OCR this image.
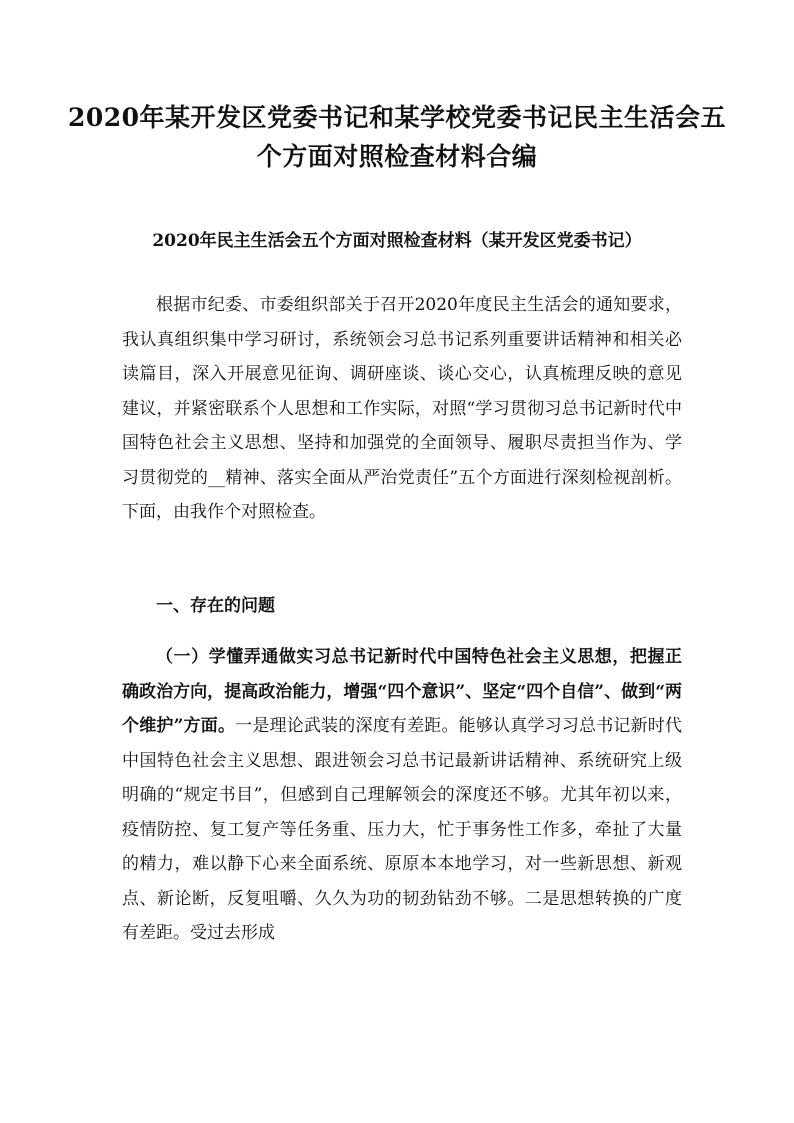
2020年某开发区党委书记和某学校党委书记民主生活会五个方面对照检查材料合编
2020年民主生活会五个方面对照检查材料（某开发区党委书记）
根据市纪委、市委组织部关于召开2020年度民主生活会的通知要求，我认真组织集中学习研讨，系统领会习总书记系列重要讲话精神和相关必读篇目，深入开展意见征询、调研座谈、谈心交心，认真梳理反映的意见建议，并紧密联系个人思想和工作实际，对照“学习贯彻习总书记新时代中国特色社会主义思想、坚持和加强党的全面领导、履职尽责担当作为、学习贯彻党的__精神、落实全面从严治党责任”五个方面进行深刻检视剖析。下面，由我作个对照检查。
一、存在的问题
（一）学懂弄通做实习总书记新时代中国特色社会主义思想，把握正确政治方向，提高政治能力，增强“四个意识”、坚定“四个自信”、做到“两个维护”方面。一是理论武装的深度有差距。能够认真学习习总书记新时代中国特色社会主义思想、跟进领会习总书记最新讲话精神、系统研究上级明确的“规定书目”，但感到自己理解领会的深度还不够。尤其年初以来，疫情防控、复工复产等任务重、压力大，忙于事务性工作多，牵扯了大量的精力，难以静下心来全面系统、原原本本地学习，对一些新思想、新观点、新论断，反复咀嚼、久久为功的韧劲钻劲不够。二是思想转换的广度有差距。受过去形成
